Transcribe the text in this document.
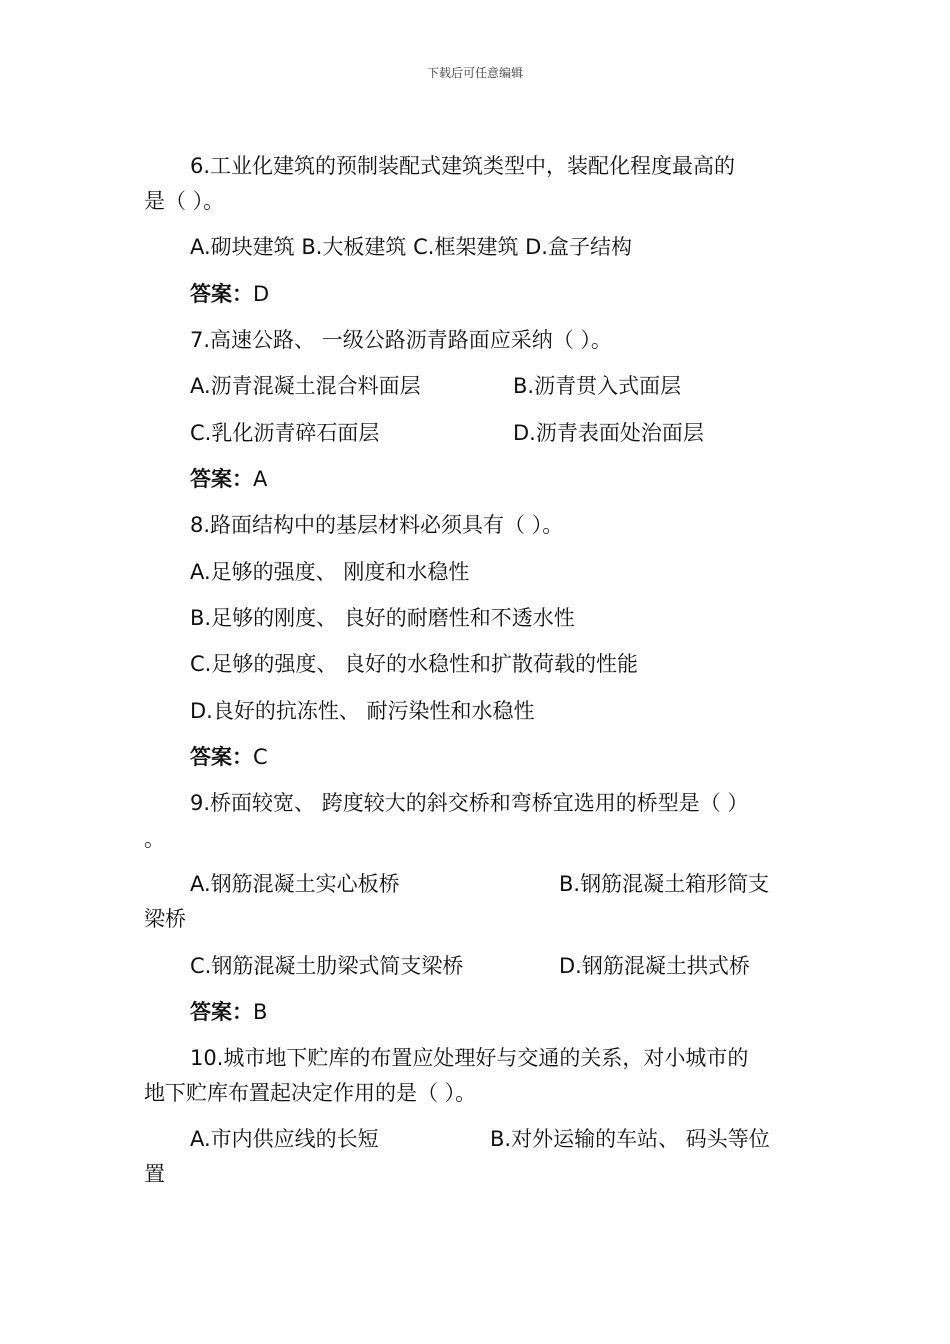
下载后可任意编辑
6.工业化建筑的预制装配式建筑类型中，装配化程度最高的
是（ ）。
A.砌块建筑 B.大板建筑 C.框架建筑 D.盒子结构
答案：D
7.高速公路、 一级公路沥青路面应采纳（ ）。
A.沥青混凝土混合料面层	B.沥青贯入式面层
C.乳化沥青碎石面层	D.沥青表面处治面层
答案：A
8.路面结构中的基层材料必须具有（ ）。
A.足够的强度、 刚度和水稳性
B.足够的刚度、 良好的耐磨性和不透水性
C.足够的强度、 良好的水稳性和扩散荷载的性能
D.良好的抗冻性、 耐污染性和水稳性
答案：C
9.桥面较宽、 跨度较大的斜交桥和弯桥宜选用的桥型是（ ）
。
A.钢筋混凝土实心板桥	B.钢筋混凝土箱形简支
梁桥
C.钢筋混凝土肋梁式简支梁桥	D.钢筋混凝土拱式桥
答案：B
10.城市地下贮库的布置应处理好与交通的关系，对小城市的
地下贮库布置起决定作用的是（ ）。
A.市内供应线的长短	B.对外运输的车站、 码头等位
置
